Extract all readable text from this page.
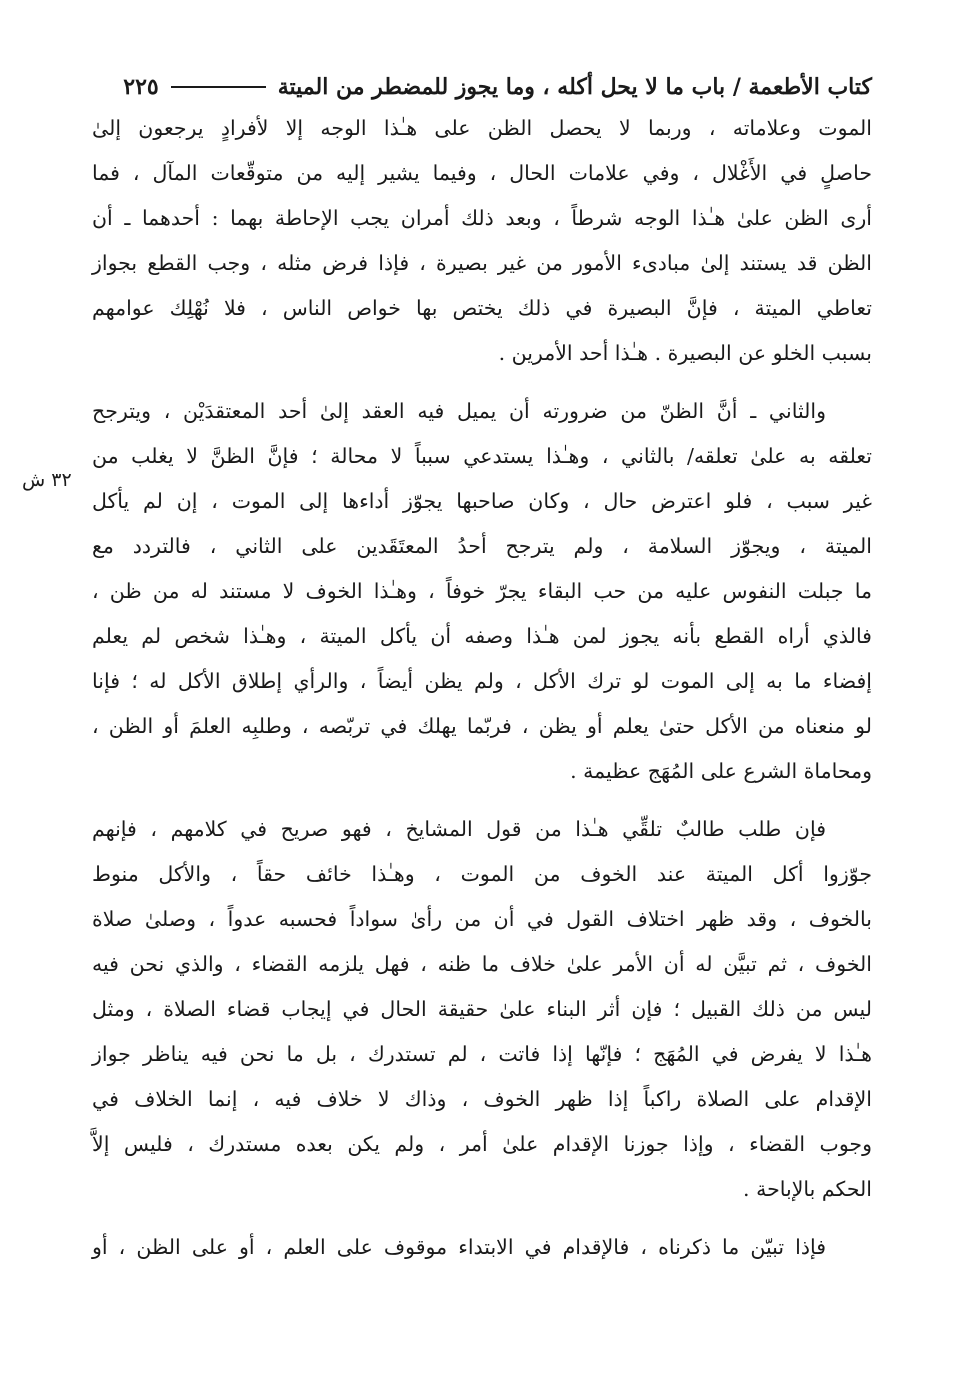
كتاب الأطعمة / باب ما لا يحل أكله ، وما يجوز للمضطر من الميتة
٢٢٥
الموت وعلاماته ، وربما لا يحصل الظن على هـٰذا الوجه إلا لأفرادٍ يرجعون إلىٰ
حاصلٍ في الأَغْلال ، وفي علامات الحال ، وفيما يشير إليه من متوقّعات المآل ، فما
أرى الظن علىٰ هـٰذا الوجه شرطاً ، وبعد ذلك أمران يجب الإحاطة بهما : أحدهما ـ أن
الظن قد يستند إلىٰ مبادىء الأمور من غير بصيرة ، فإذا فرض مثله ، وجب القطع بجواز
تعاطي الميتة ، فإنَّ البصيرة في ذلك يختص بها خواص الناس ، فلا نُهْلِك عوامهم
بسبب الخلو عن البصيرة . هـٰذا أحد الأمرين .
والثاني ـ أنَّ الظنّ من ضرورته أن يميل فيه العقد إلىٰ أحد المعتقدَيْن ، ويترجح
تعلقه به علىٰ تعلقه/ بالثاني ، وهـٰذا يستدعي سبباً لا محالة ؛ فإنَّ الظنَّ لا يغلب من
غير سبب ، فلو اعترض حال ، وكان صاحبها يجوّز أداءها إلى الموت ، إن لم يأكل
الميتة ، ويجوّز السلامة ، ولم يترجح أحدُ المعتَقَدين على الثاني ، فالتردد مع
ما جبلت النفوس عليه من حب البقاء يجرّ خوفاً ، وهـٰذا الخوف لا مستند له من ظن ،
فالذي أراه القطع بأنه يجوز لمن هـٰذا وصفه أن يأكل الميتة ، وهـٰذا شخص لم يعلم
إفضاء ما به إلى الموت لو ترك الأكل ، ولم يظن أيضاً ، والرأي إطلاق الأكل له ؛ فإنا
لو منعناه من الأكل حتىٰ يعلم أو يظن ، فربّما يهلك في تربّصه ، وطلبِه العلمَ أو الظن ،
ومحاماة الشرع على المُهَج عظيمة .
فإن طلب طالبٌ تلقِّي هـٰذا من قول المشايخ ، فهو صريح في كلامهم ، فإنهم
جوّزوا أكل الميتة عند الخوف من الموت ، وهـٰذا خائف حقاً ، والأكل منوط
بالخوف ، وقد ظهر اختلاف القول في أن من رأىٰ سواداً فحسبه عدواً ، وصلىٰ صلاة
الخوف ، ثم تبيَّن له أن الأمر علىٰ خلاف ما ظنه ، فهل يلزمه القضاء ، والذي نحن فيه
ليس من ذلك القبيل ؛ فإن أثر البناء علىٰ حقيقة الحال في إيجاب قضاء الصلاة ، ومثل
هـٰذا لا يفرض في المُهَج ؛ فإنّها إذا فاتت ، لم تستدرك ، بل ما نحن فيه يناظر جواز
الإقدام على الصلاة راكباً إذا ظهر الخوف ، وذاك لا خلاف فيه ، إنما الخلاف في
وجوب القضاء ، وإذا جوزنا الإقدام علىٰ أمر ، ولم يكن بعده مستدرك ، فليس إلاَّ
الحكم بالإباحة .
فإذا تبيّن ما ذكرناه ، فالإقدام في الابتداء موقوف على العلم ، أو على الظن ، أو
٣٢ ش
